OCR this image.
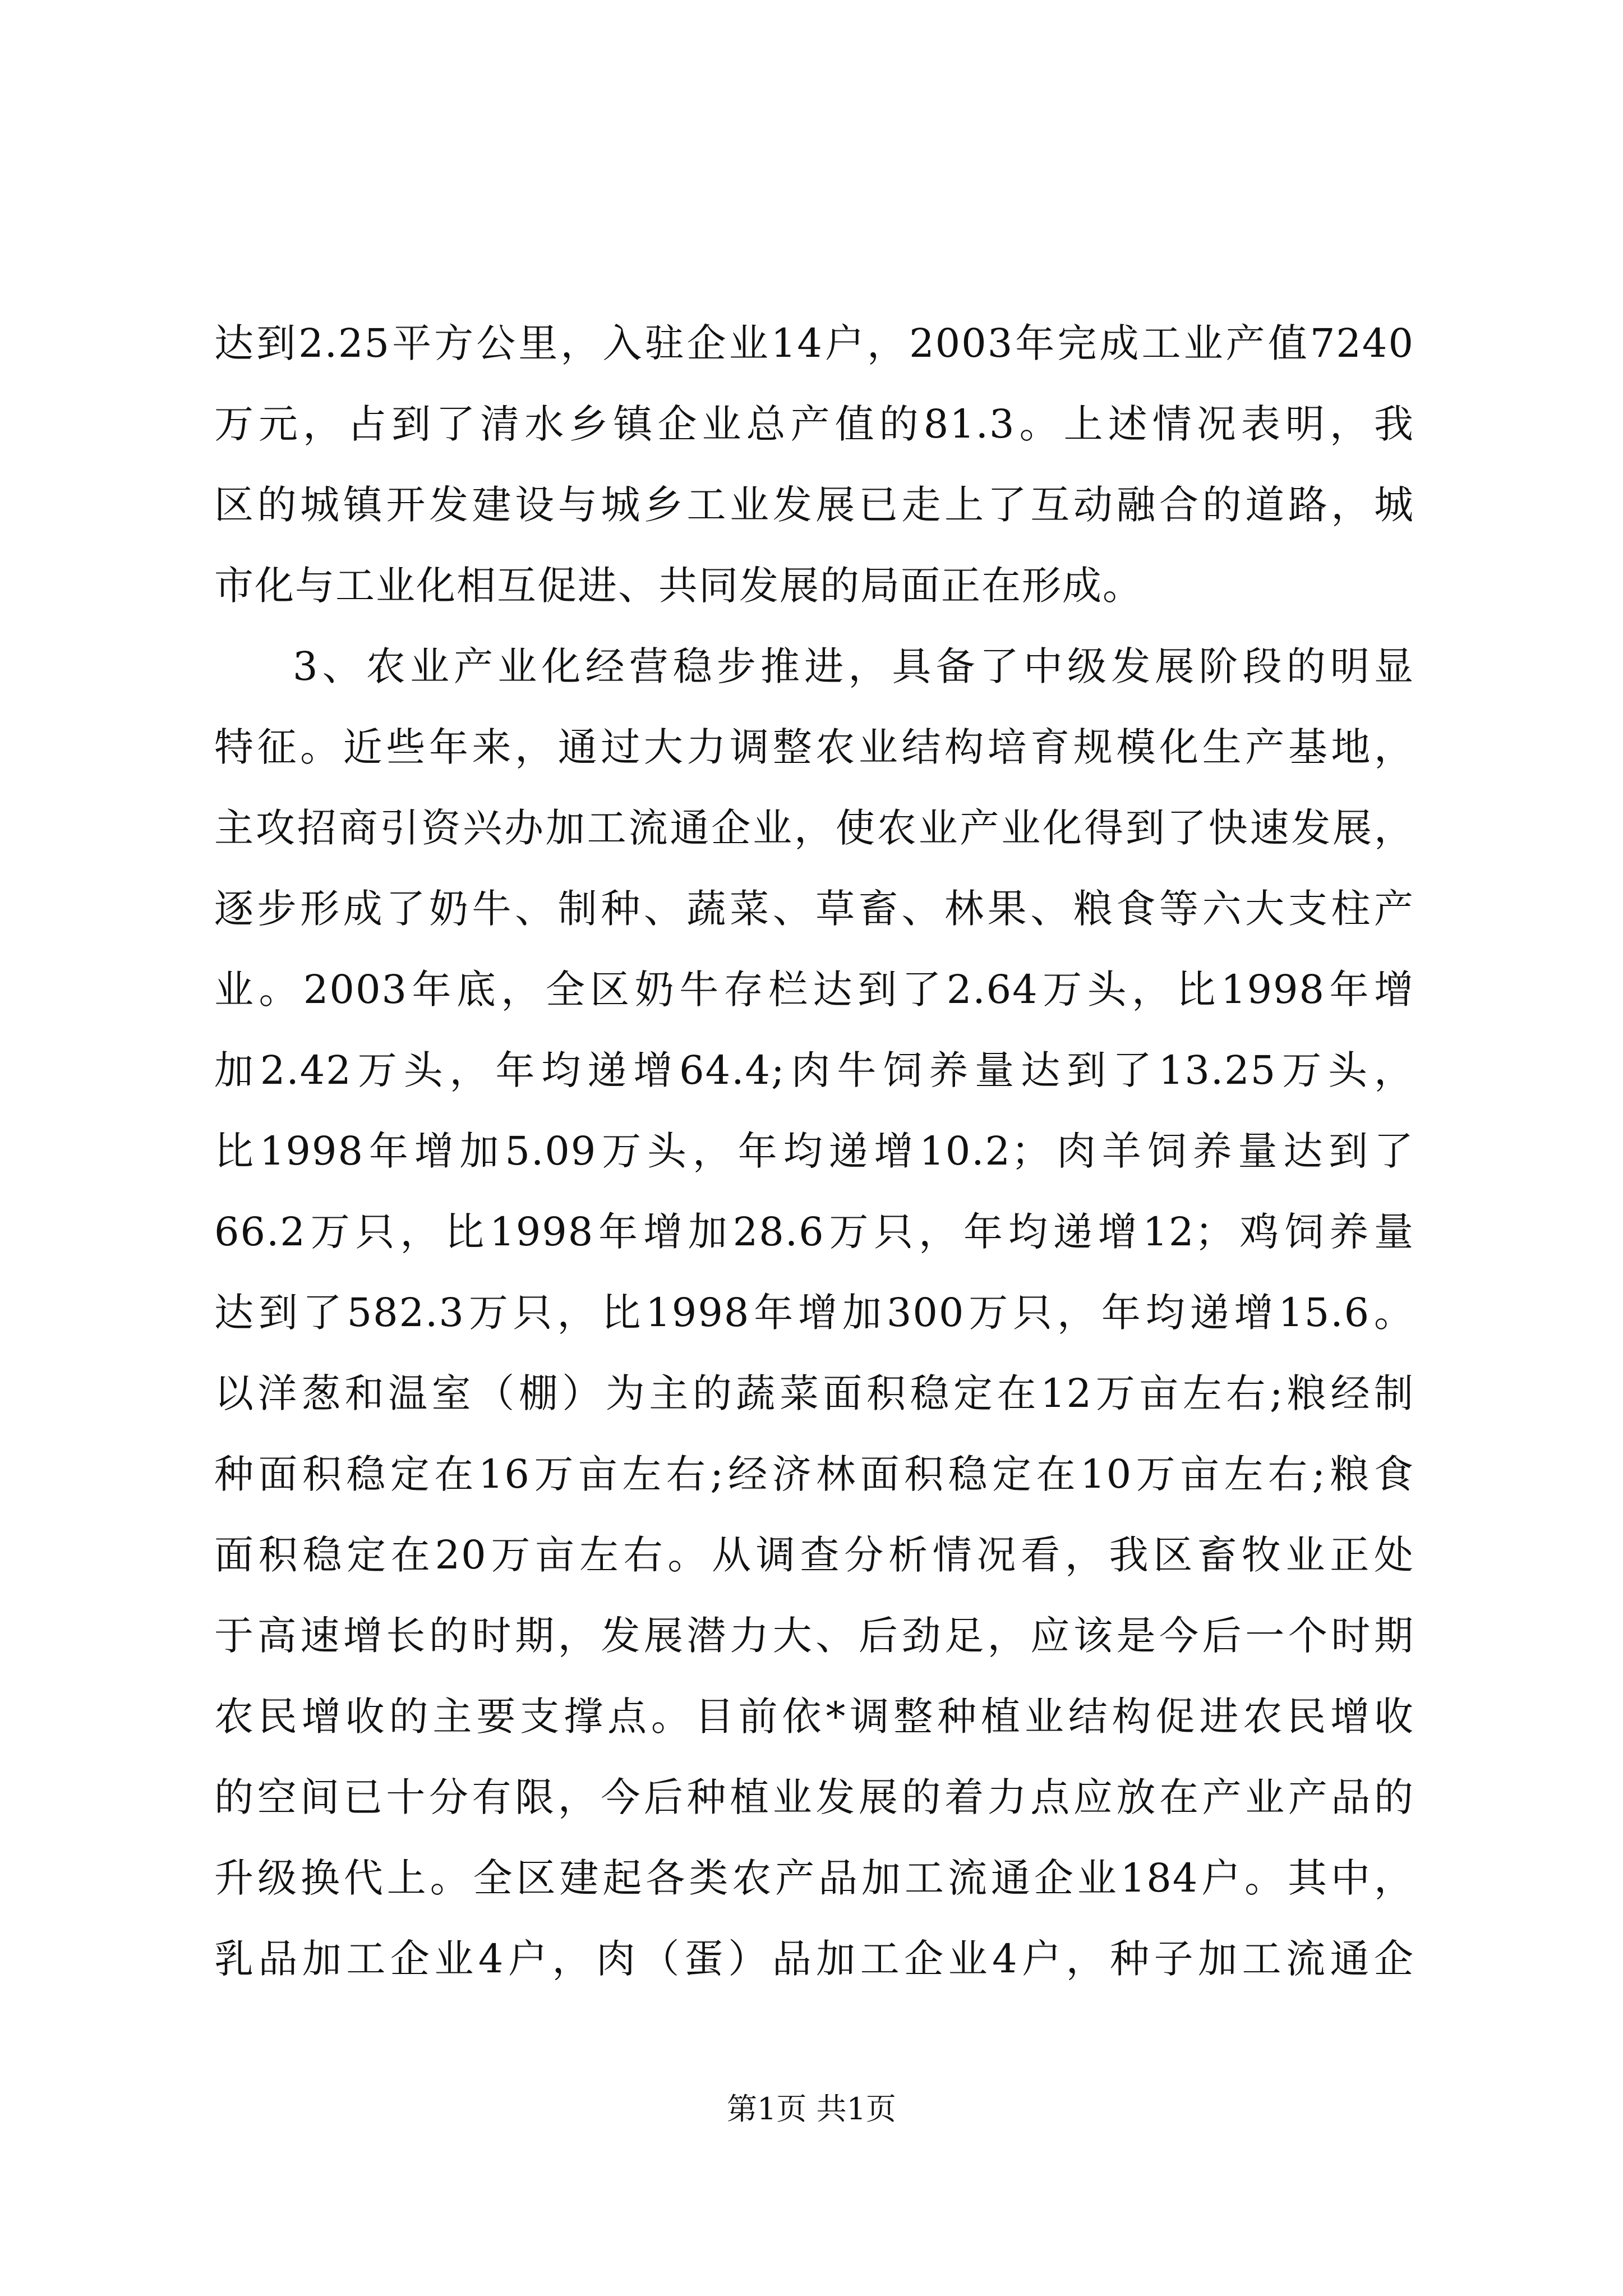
达到2.25平方公里，入驻企业14户，2003年完成工业产值7240
万元，占到了清水乡镇企业总产值的81.3。上述情况表明，我
区的城镇开发建设与城乡工业发展已走上了互动融合的道路，城
市化与工业化相互促进、共同发展的局面正在形成。
3、农业产业化经营稳步推进，具备了中级发展阶段的明显
特征。近些年来，通过大力调整农业结构培育规模化生产基地，
主攻招商引资兴办加工流通企业，使农业产业化得到了快速发展，
逐步形成了奶牛、制种、蔬菜、草畜、林果、粮食等六大支柱产
业。2003年底，全区奶牛存栏达到了2.64万头，比1998年增
加2.42万头，年均递增64.4;肉牛饲养量达到了13.25万头，
比1998年增加5.09万头，年均递增10.2；肉羊饲养量达到了
66.2万只，比1998年增加28.6万只，年均递增12；鸡饲养量
达到了582.3万只，比1998年增加300万只，年均递增15.6。
以洋葱和温室（棚）为主的蔬菜面积稳定在12万亩左右;粮经制
种面积稳定在16万亩左右;经济林面积稳定在10万亩左右;粮食
面积稳定在20万亩左右。从调查分析情况看，我区畜牧业正处
于高速增长的时期，发展潜力大、后劲足，应该是今后一个时期
农民增收的主要支撑点。目前依*调整种植业结构促进农民增收
的空间已十分有限，今后种植业发展的着力点应放在产业产品的
升级换代上。全区建起各类农产品加工流通企业184户。其中，
乳品加工企业4户，肉（蛋）品加工企业4户，种子加工流通企
第1页 共1页
